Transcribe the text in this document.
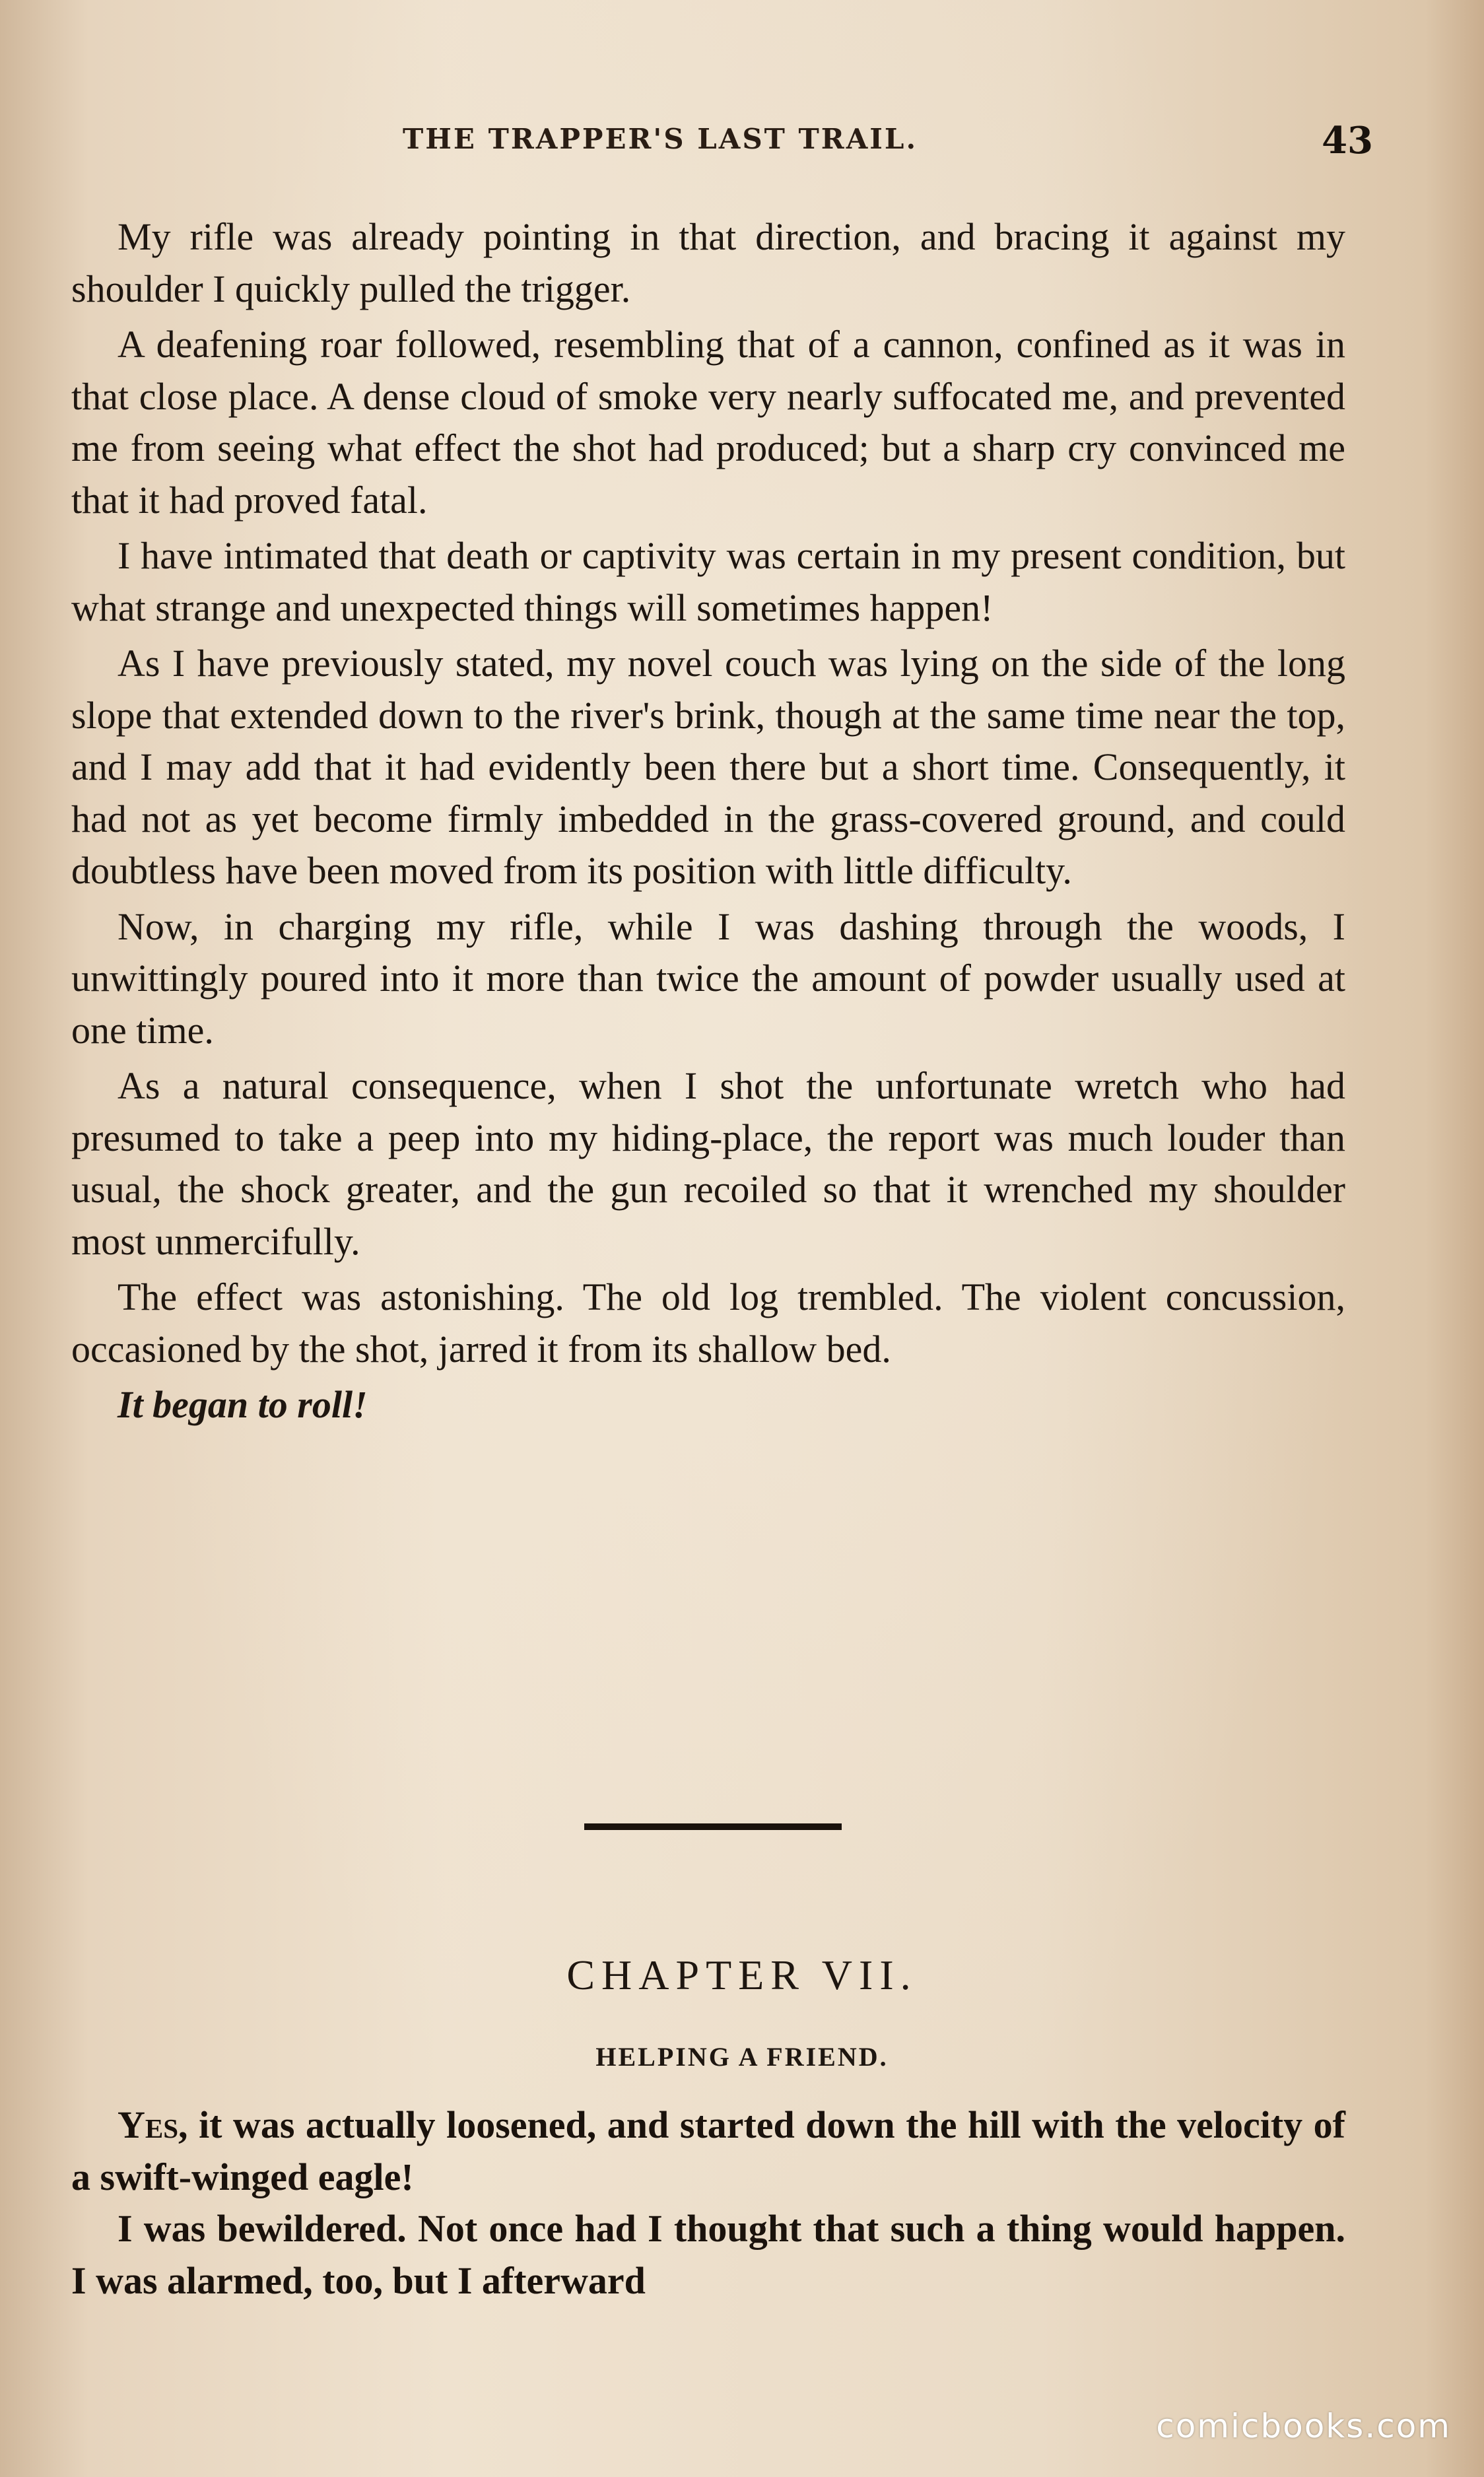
THE TRAPPER'S LAST TRAIL.	43

My rifle was already pointing in that direction, and bracing it against my shoulder I quickly pulled the trigger.

A deafening roar followed, resembling that of a cannon, confined as it was in that close place. A dense cloud of smoke very nearly suffocated me, and prevented me from seeing what effect the shot had produced; but a sharp cry convinced me that it had proved fatal.

I have intimated that death or captivity was certain in my present condition, but what strange and unexpected things will sometimes happen!

As I have previously stated, my novel couch was lying on the side of the long slope that extended down to the river's brink, though at the same time near the top, and I may add that it had evidently been there but a short time. Consequently, it had not as yet become firmly imbedded in the grass-covered ground, and could doubtless have been moved from its position with little difficulty.

Now, in charging my rifle, while I was dashing through the woods, I unwittingly poured into it more than twice the amount of powder usually used at one time.

As a natural consequence, when I shot the unfortunate wretch who had presumed to take a peep into my hiding-place, the report was much louder than usual, the shock greater, and the gun recoiled so that it wrenched my shoulder most unmercifully.

The effect was astonishing. The old log trembled. The violent concussion, occasioned by the shot, jarred it from its shallow bed.

It began to roll!

CHAPTER VII.
HELPING A FRIEND.

Yes, it was actually loosened, and started down the hill with the velocity of a swift-winged eagle!

I was bewildered. Not once had I thought that such a thing would happen. I was alarmed, too, but I afterward

comicbooks.com
